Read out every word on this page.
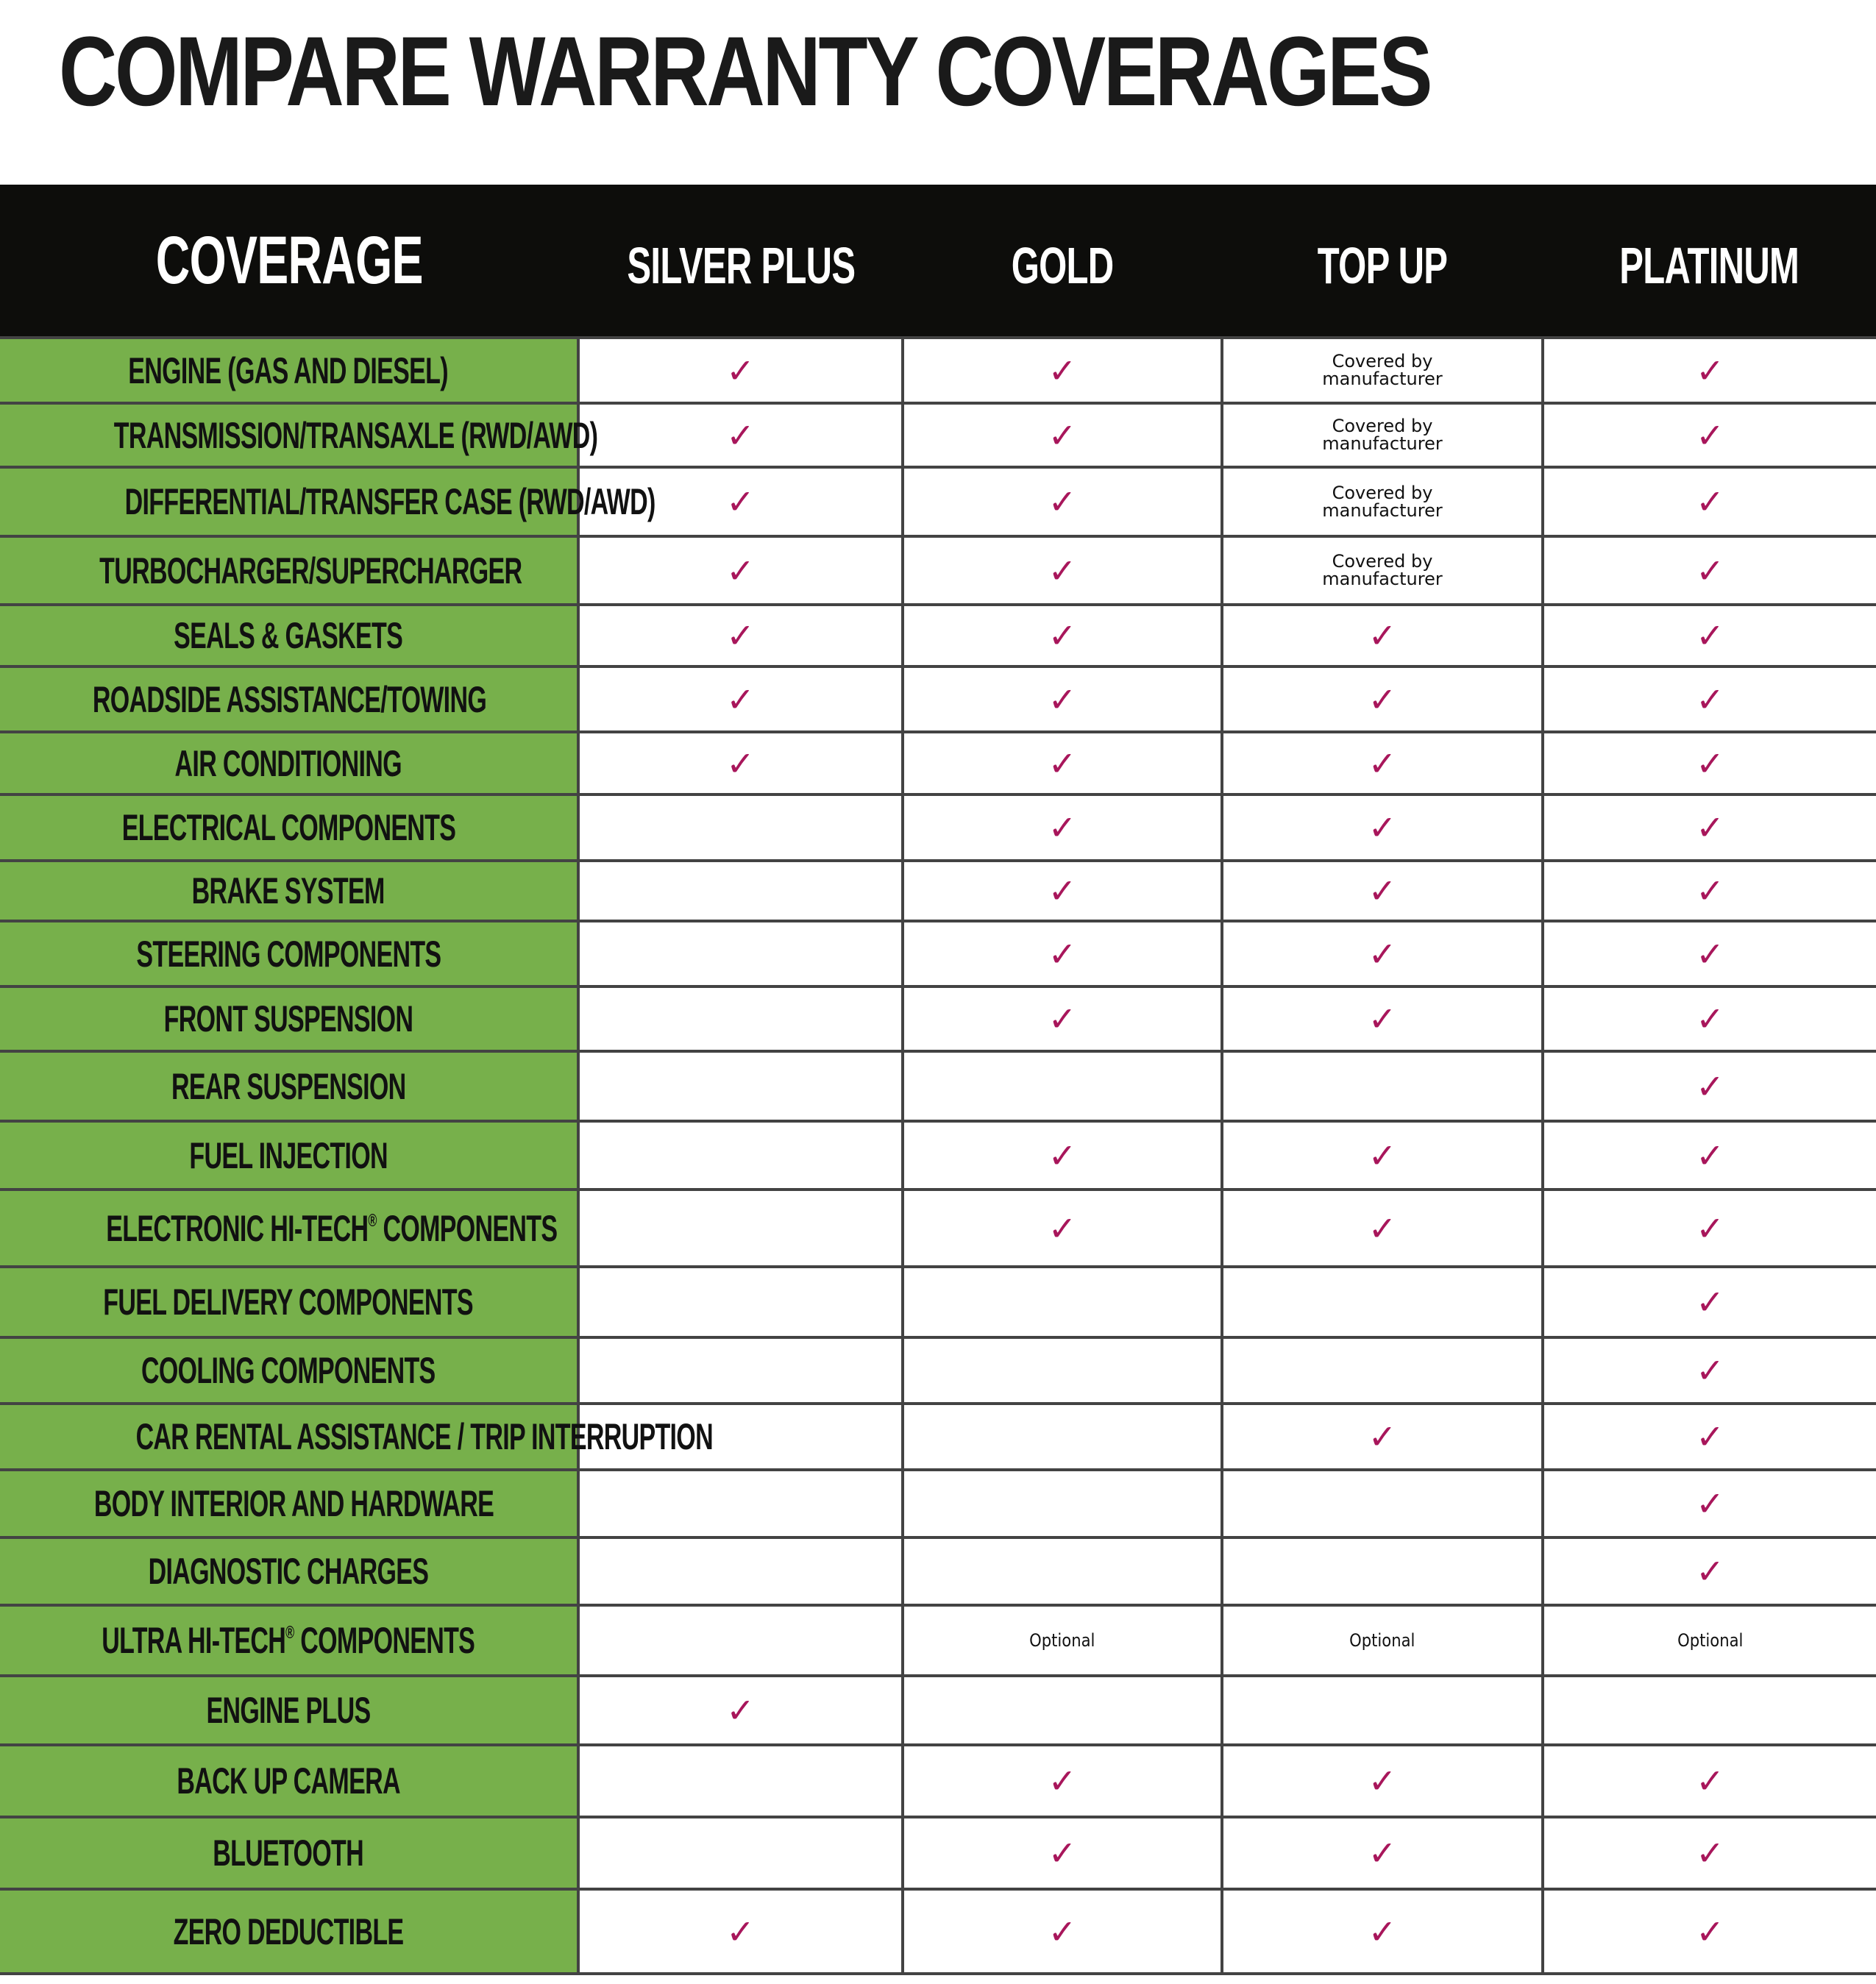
COMPARE WARRANTY COVERAGES
COVERAGE	SILVER PLUS	GOLD	TOP UP	PLATINUM
ENGINE (GAS AND DIESEL)	✓	✓	Covered by manufacturer	✓
TRANSMISSION/TRANSAXLE (RWD/AWD)	✓	✓	Covered by manufacturer	✓
DIFFERENTIAL/TRANSFER CASE (RWD/AWD)	✓	✓	Covered by manufacturer	✓
TURBOCHARGER/SUPERCHARGER	✓	✓	Covered by manufacturer	✓
SEALS & GASKETS	✓	✓	✓	✓
ROADSIDE ASSISTANCE/TOWING	✓	✓	✓	✓
AIR CONDITIONING	✓	✓	✓	✓
ELECTRICAL COMPONENTS		✓	✓	✓
BRAKE SYSTEM		✓	✓	✓
STEERING COMPONENTS		✓	✓	✓
FRONT SUSPENSION		✓	✓	✓
REAR SUSPENSION				✓
FUEL INJECTION		✓	✓	✓
ELECTRONIC HI-TECH® COMPONENTS		✓	✓	✓
FUEL DELIVERY COMPONENTS				✓
COOLING COMPONENTS				✓
CAR RENTAL ASSISTANCE / TRIP INTERRUPTION			✓	✓
BODY INTERIOR AND HARDWARE				✓
DIAGNOSTIC CHARGES				✓
ULTRA HI-TECH® COMPONENTS		Optional	Optional	Optional
ENGINE PLUS	✓			
BACK UP CAMERA		✓	✓	✓
BLUETOOTH		✓	✓	✓
ZERO DEDUCTIBLE	✓	✓	✓	✓
